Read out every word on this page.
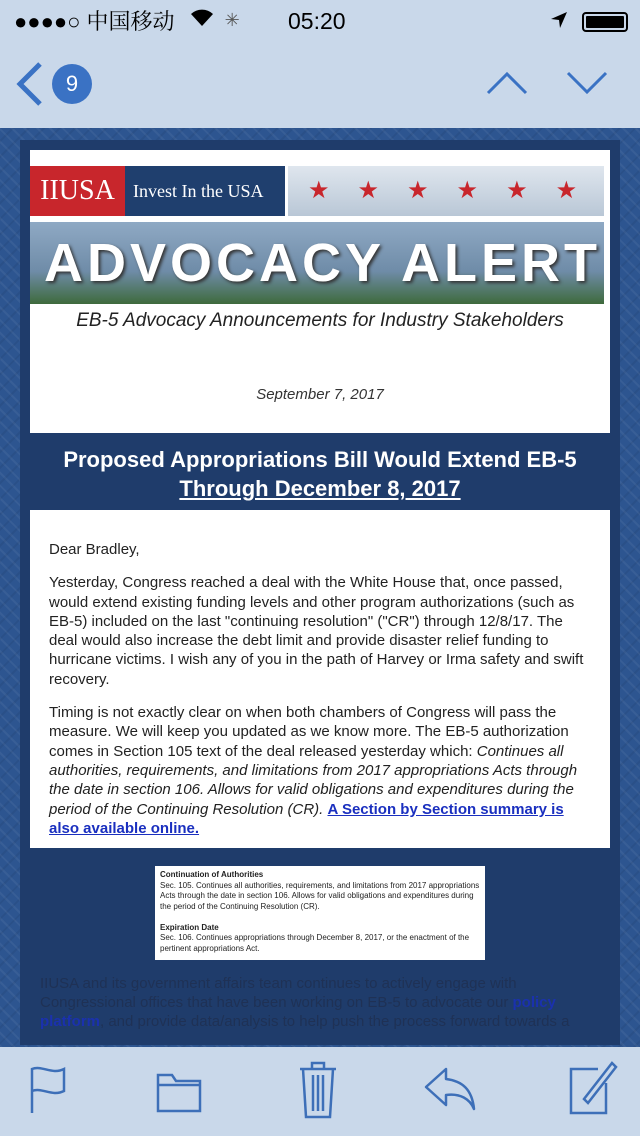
IIUSA	Invest In the USA	★★★★★★
ADVOCACY ALERT
EB-5 Advocacy Announcements for Industry Stakeholders
September 7, 2017
Proposed Appropriations Bill Would Extend EB-5 Through December 8, 2017

Dear Bradley,

Yesterday, Congress reached a deal with the White House that, once passed, would extend existing funding levels and other program authorizations (such as EB-5) included on the last "continuing resolution" ("CR") through 12/8/17. The deal would also increase the debt limit and provide disaster relief funding to hurricane victims. I wish any of you in the path of Harvey or Irma safety and swift recovery.

Timing is not exactly clear on when both chambers of Congress will pass the measure. We will keep you updated as we know more. The EB-5 authorization comes in Section 105 text of the deal released yesterday which: Continues all authorities, requirements, and limitations from 2017 appropriations Acts through the date in section 106. Allows for valid obligations and expenditures during the period of the Continuing Resolution (CR). A Section by Section summary is also available online.

Continuation of Authorities
Sec. 105. Continues all authorities, requirements, and limitations from 2017 appropriations Acts through the date in section 106. Allows for valid obligations and expenditures during the period of the Continuing Resolution (CR).

Expiration Date
Sec. 106. Continues appropriations through December 8, 2017, or the enactment of the pertinent appropriations Act.
IIUSA and its government affairs team continues to actively engage with Congressional offices that have been working on EB-5 to advocate our policy platform, and provide data/analysis to help push the process forward towards a
●●●●○ 中国移动	✳ 05:20
9
